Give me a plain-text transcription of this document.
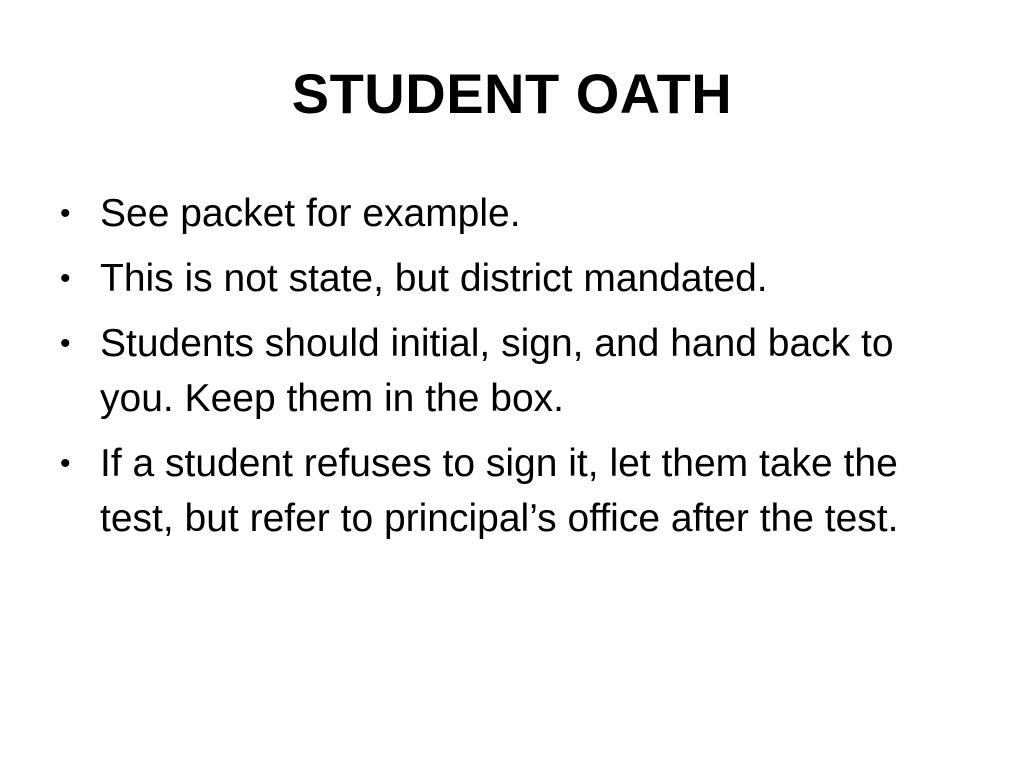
STUDENT OATH
• See packet for example.
• This is not state, but district mandated.
• Students should initial, sign, and hand back to you. Keep them in the box.
• If a student refuses to sign it, let them take the test, but refer to principal’s office after the test.
